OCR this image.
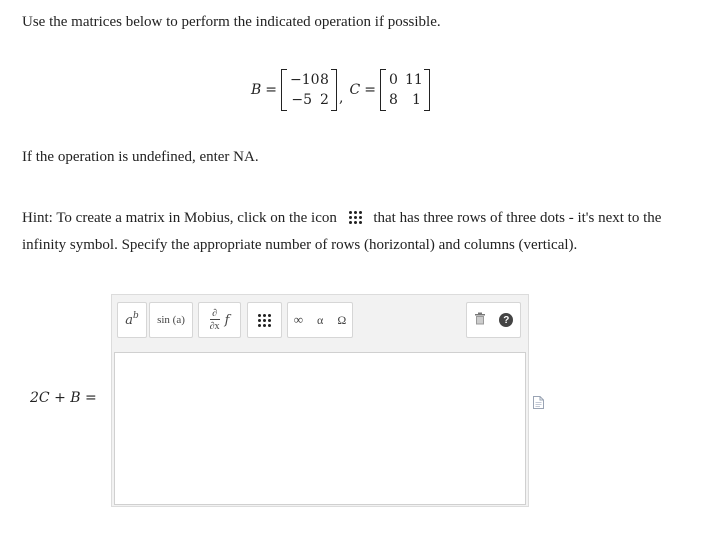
Use the matrices below to perform the indicated operation if possible.

B =
−10 8
−5 2 , C =
0 11
8	1

If the operation is undefined, enter NA.

Hint: To create a matrix in Mobius, click on the icon that has three rows of three dots - it's next to the infinity symbol. Specify the appropriate number of rows (horizontal) and columns (vertical).

2C + B =
a b sin (a)
∂
∂x f	∞ α Ω	?
